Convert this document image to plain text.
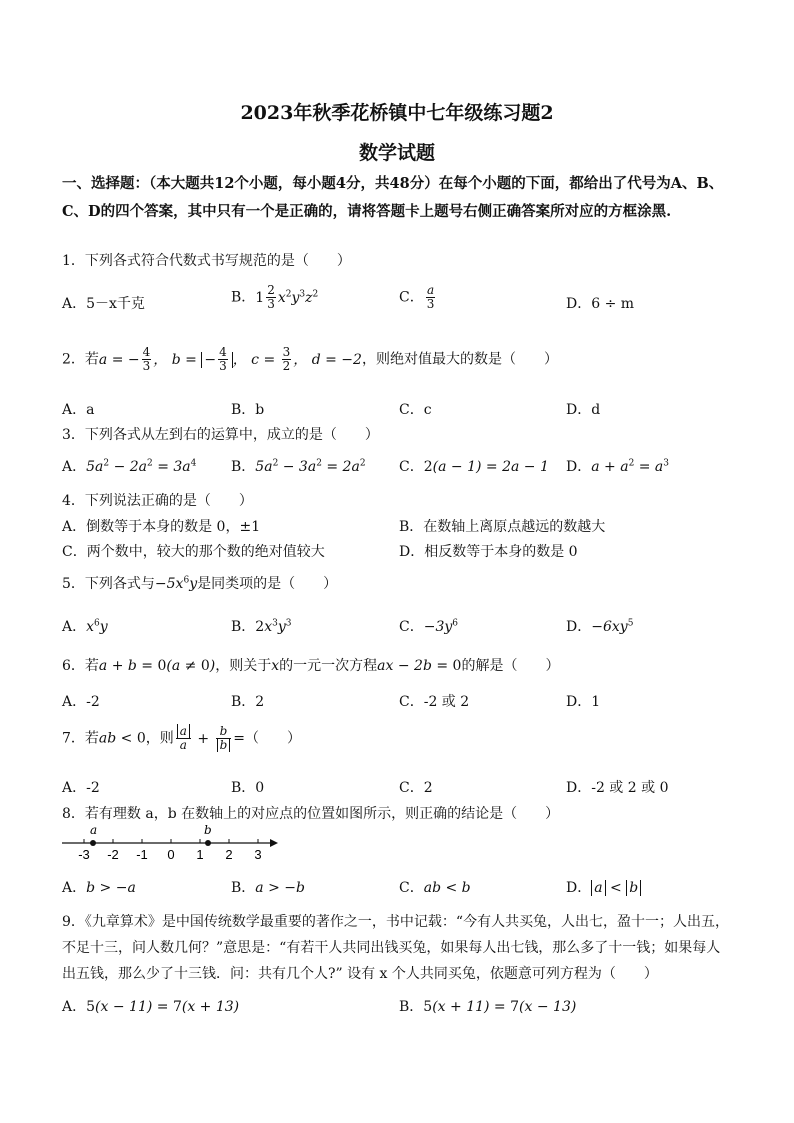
2023年秋季花桥镇中七年级练习题2
数学试题
一、选择题：（本大题共12个小题，每小题4分，共48分）在每个小题的下面，都给出了代号为A、B、C、D的四个答案，其中只有一个是正确的，请将答题卡上题号右侧正确答案所对应的方框涂黑.
1．下列各式符合代数式书写规范的是（　　）
A．5－x千克	B．$1 \frac{2}{3} x^2y^3z^2$	C． $\frac{a}{3}$	D．6 ÷ m
2．若a = − $\frac{4}{3}$ ， b = − $\frac{4}{3}$ ， $c = \frac{3}{2}$ ， d = −2，则绝对值最大的数是（　　）
A．a	B．b	C．c	D．d
3．下列各式从左到右的运算中，成立的是（　　）
A．$5a^2 - 2a^2 = 3a^4$ B．$5a^2 - 3a^2 = 2a^2$ C．2(a − 1) = 2a − 1 D．$a + a^2 = a^3$
4．下列说法正确的是（　　）
A．倒数等于本身的数是 0，±1	B．在数轴上离原点越远的数越大
C．两个数中，较大的那个数的绝对值较大	D．相反数等于本身的数是 0
5．下列各式与$-5x^6y$是同类项的是（　　）
A．$x^6y$	B．$2x^3y^3$	C．$-3y^6$	D．$-6xy^5$
6．若a + b = 0(a ≠ 0)，则关于x的一元一次方程ax − 2b = 0的解是（　　）
A．-2	B．2	C．-2 或 2	D．1
7．若ab < 0，则 $\frac{a}{a} + \frac{b}{b}$ =（　　）
A．-2	B．0	C．2	D．-2 或 2 或 0
8．若有理数 a，b 在数轴上的对应点的位置如图所示，则正确的结论是（　　）
-3 -2 -1 0 1 2 3
a	b
A．b > −a	B．a > −b	C．ab < b	D． a < b
9．《九章算术》是中国传统数学最重要的著作之一，书中记载：“今有人共买兔，人出七，盈十一；人出五，
不足十三，问人数几何？”意思是：“有若干人共同出钱买兔，如果每人出七钱，那么多了十一钱；如果每人
出五钱，那么少了十三钱．问：共有几个人?” 设有 x 个人共同买兔，依题意可列方程为（　　）
A．5(x − 11) = 7(x + 13)	B．5(x + 11) = 7(x − 13)
